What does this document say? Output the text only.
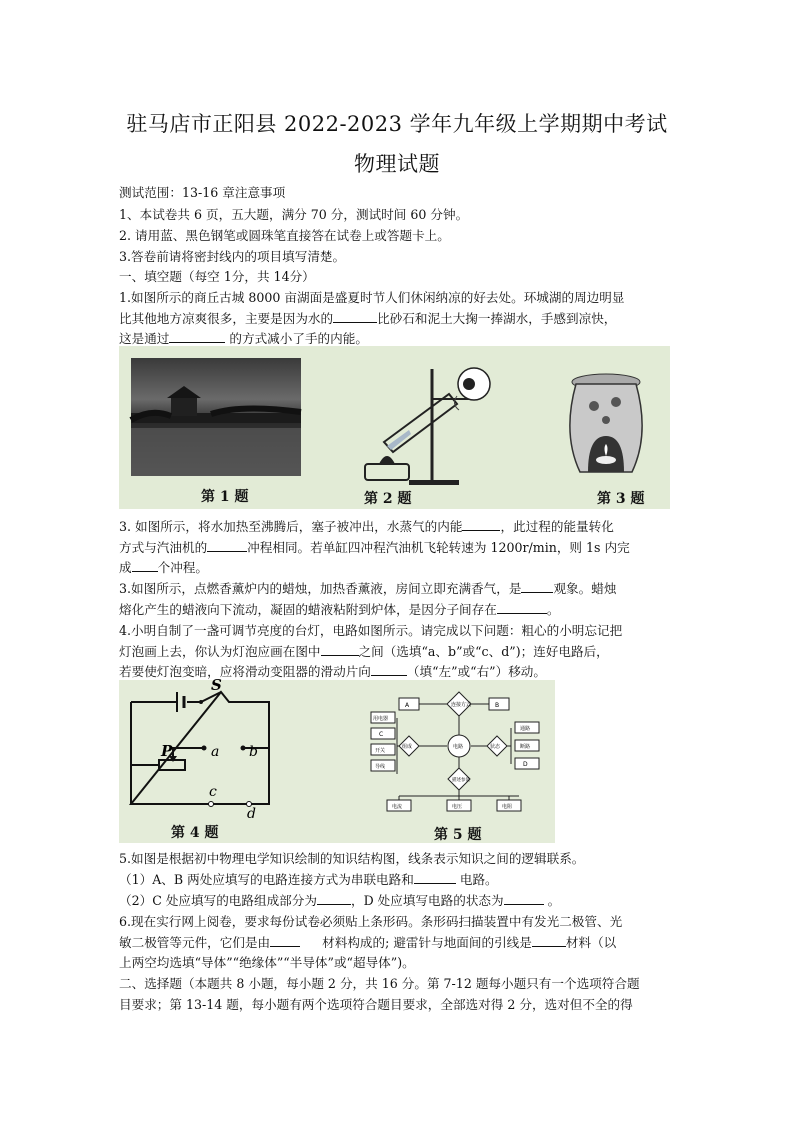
驻马店市正阳县 2022-2023 学年九年级上学期期中考试
物理试题
测试范围：13-16 章注意事项
1、本试卷共 6 页，五大题，满分 70 分，测试时间 60 分钟。
2. 请用蓝、黑色钢笔或圆珠笔直接答在试卷上或答题卡上。
3.答卷前请将密封线内的项目填写清楚。
一、填空题（每空 1分，共 14分）
1.如图所示的商丘古城 8000 亩湖面是盛夏时节人们休闲纳凉的好去处。环城湖的周边明显
比其他地方凉爽很多，主要是因为水的	比砂石和泥土大掬一捧湖水，手感到凉快，
这是通过	的方式减小了手的内能。
第 1 题	第 2 题	第 3 题
3. 如图所示，将水加热至沸腾后，塞子被冲出，水蒸气的内能	，此过程的能量转化
方式与汽油机的	冲程相同。若单缸四冲程汽油机飞轮转速为 1200r/min，则 1s 内完
成 个冲程。
3.如图所示，点燃香薰炉内的蜡烛，加热香薰液，房间立即充满香气，是	观象。蜡烛
熔化产生的蜡液向下流动，凝固的蜡液粘附到炉体，是因分子间存在	。
4.小明自制了一盏可调节亮度的台灯，电路如图所示。请完成以下问题：粗心的小明忘记把
灯泡画上去，你认为灯泡应画在图中	之间（选填“a、b”或“c、d”)；连好电路后，
若要使灯泡变暗，应将滑动变阻器的滑动片向	（填“左”或“右”）移动。
S
P	a b
c
d
第 4 题
A	连接方式	B
用电器
C
开关
导线
组成	电路	状态
通路
断路
D
描述参量
电流	电压	电阻
第 5 题
5.如图是根据初中物理电学知识绘制的知识结构图，线条表示知识之间的逻辑联系。
（1）A、B 两处应填写的电路连接方式为串联电路和	电路。
（2）C 处应填写的电路组成部分为	，D 处应填写电路的状态为	。
6.现在实行网上阅卷，要求每份试卷必须贴上条形码。条形码扫描装置中有发光二极管、光
敏二极管等元件，它们是由	材料构成的; 避雷针与地面间的引线是	材料（以
上两空均选填“导体”“绝缘体”“半导体”或“超导体”)。
二、选择题（本题共 8 小题，每小题 2 分，共 16 分。第 7-12 题每小题只有一个选项符合题
目要求；第 13-14 题，每小题有两个选项符合题目要求，全部选对得 2 分，选对但不全的得
